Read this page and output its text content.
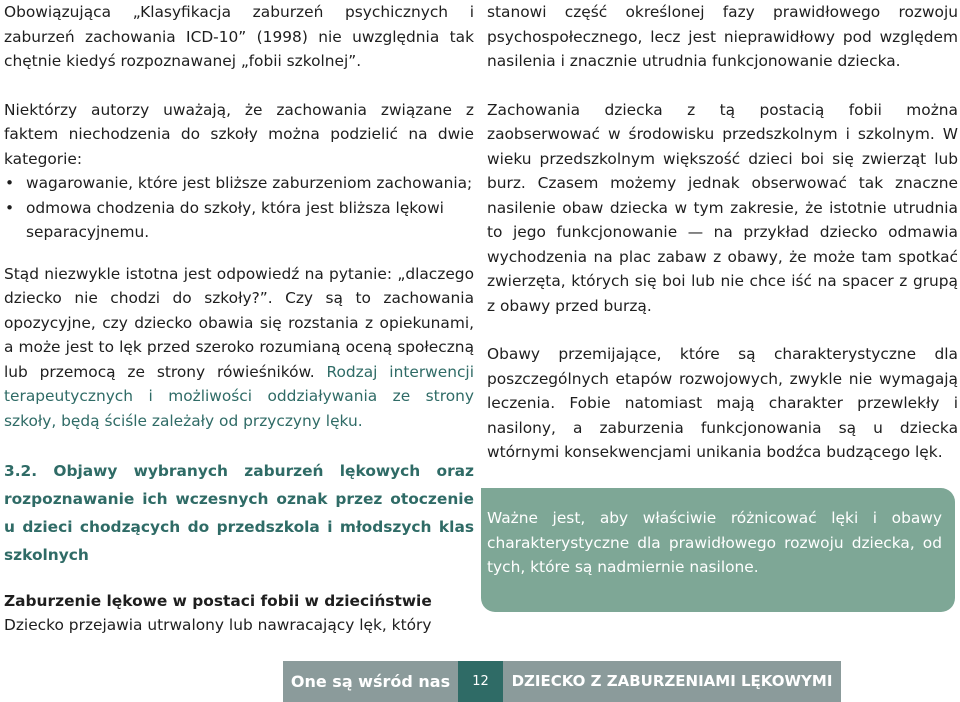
Obowiązująca „Klasyfikacja zaburzeń psychicznych i zaburzeń zachowania ICD-10” (1998) nie uwzględnia tak chętnie kiedyś rozpoznawanej „fobii szkolnej”.

Niektórzy autorzy uważają, że zachowania związane z faktem niechodzenia do szkoły można podzielić na dwie kategorie:

• wagarowanie, które jest bliższe zaburzeniom zachowania;
• odmowa chodzenia do szkoły, która jest bliższa lękowi separacyjnemu.

Stąd niezwykle istotna jest odpowiedź na pytanie: „dlaczego dziecko nie chodzi do szkoły?”. Czy są to zachowania opozycyjne, czy dziecko obawia się rozstania z opiekunami, a może jest to lęk przed szeroko rozumianą oceną społeczną lub przemocą ze strony rówieśników. Rodzaj interwencji terapeutycznych i możliwości oddziaływania ze strony szkoły, będą ściśle zależały od przyczyny lęku.

3.2. Objawy wybranych zaburzeń lękowych oraz rozpoznawanie ich wczesnych oznak przez otoczenie u dzieci chodzących do przedszkola i młodszych klas szkolnych
Zaburzenie lękowe w postaci fobii w dzieciństwie

Dziecko przejawia utrwalony lub nawracający lęk, który

stanowi część określonej fazy prawidłowego rozwoju psychospołecznego, lecz jest nieprawidłowy pod względem nasilenia i znacznie utrudnia funkcjonowanie dziecka.

Zachowania dziecka z tą postacią fobii można zaobserwować w środowisku przedszkolnym i szkolnym. W wieku przedszkolnym większość dzieci boi się zwierząt lub burz. Czasem możemy jednak obserwować tak znaczne nasilenie obaw dziecka w tym zakresie, że istotnie utrudnia to jego funkcjonowanie — na przykład dziecko odmawia wychodzenia na plac zabaw z obawy, że może tam spotkać zwierzęta, których się boi lub nie chce iść na spacer z grupą z obawy przed burzą.

Obawy przemijające, które są charakterystyczne dla poszczególnych etapów rozwojowych, zwykle nie wymagają leczenia. Fobie natomiast mają charakter przewlekły i nasilony, a zaburzenia funkcjonowania są u dziecka wtórnymi konsekwencjami unikania bodźca budzącego lęk.

Ważne jest, aby właściwie różnicować lęki i obawy charakterystyczne dla prawidłowego rozwoju dziecka, od tych, które są nadmiernie nasilone.

One są wśród nas	12	DZIECKO Z ZABURZENIAMI LĘKOWYMI
